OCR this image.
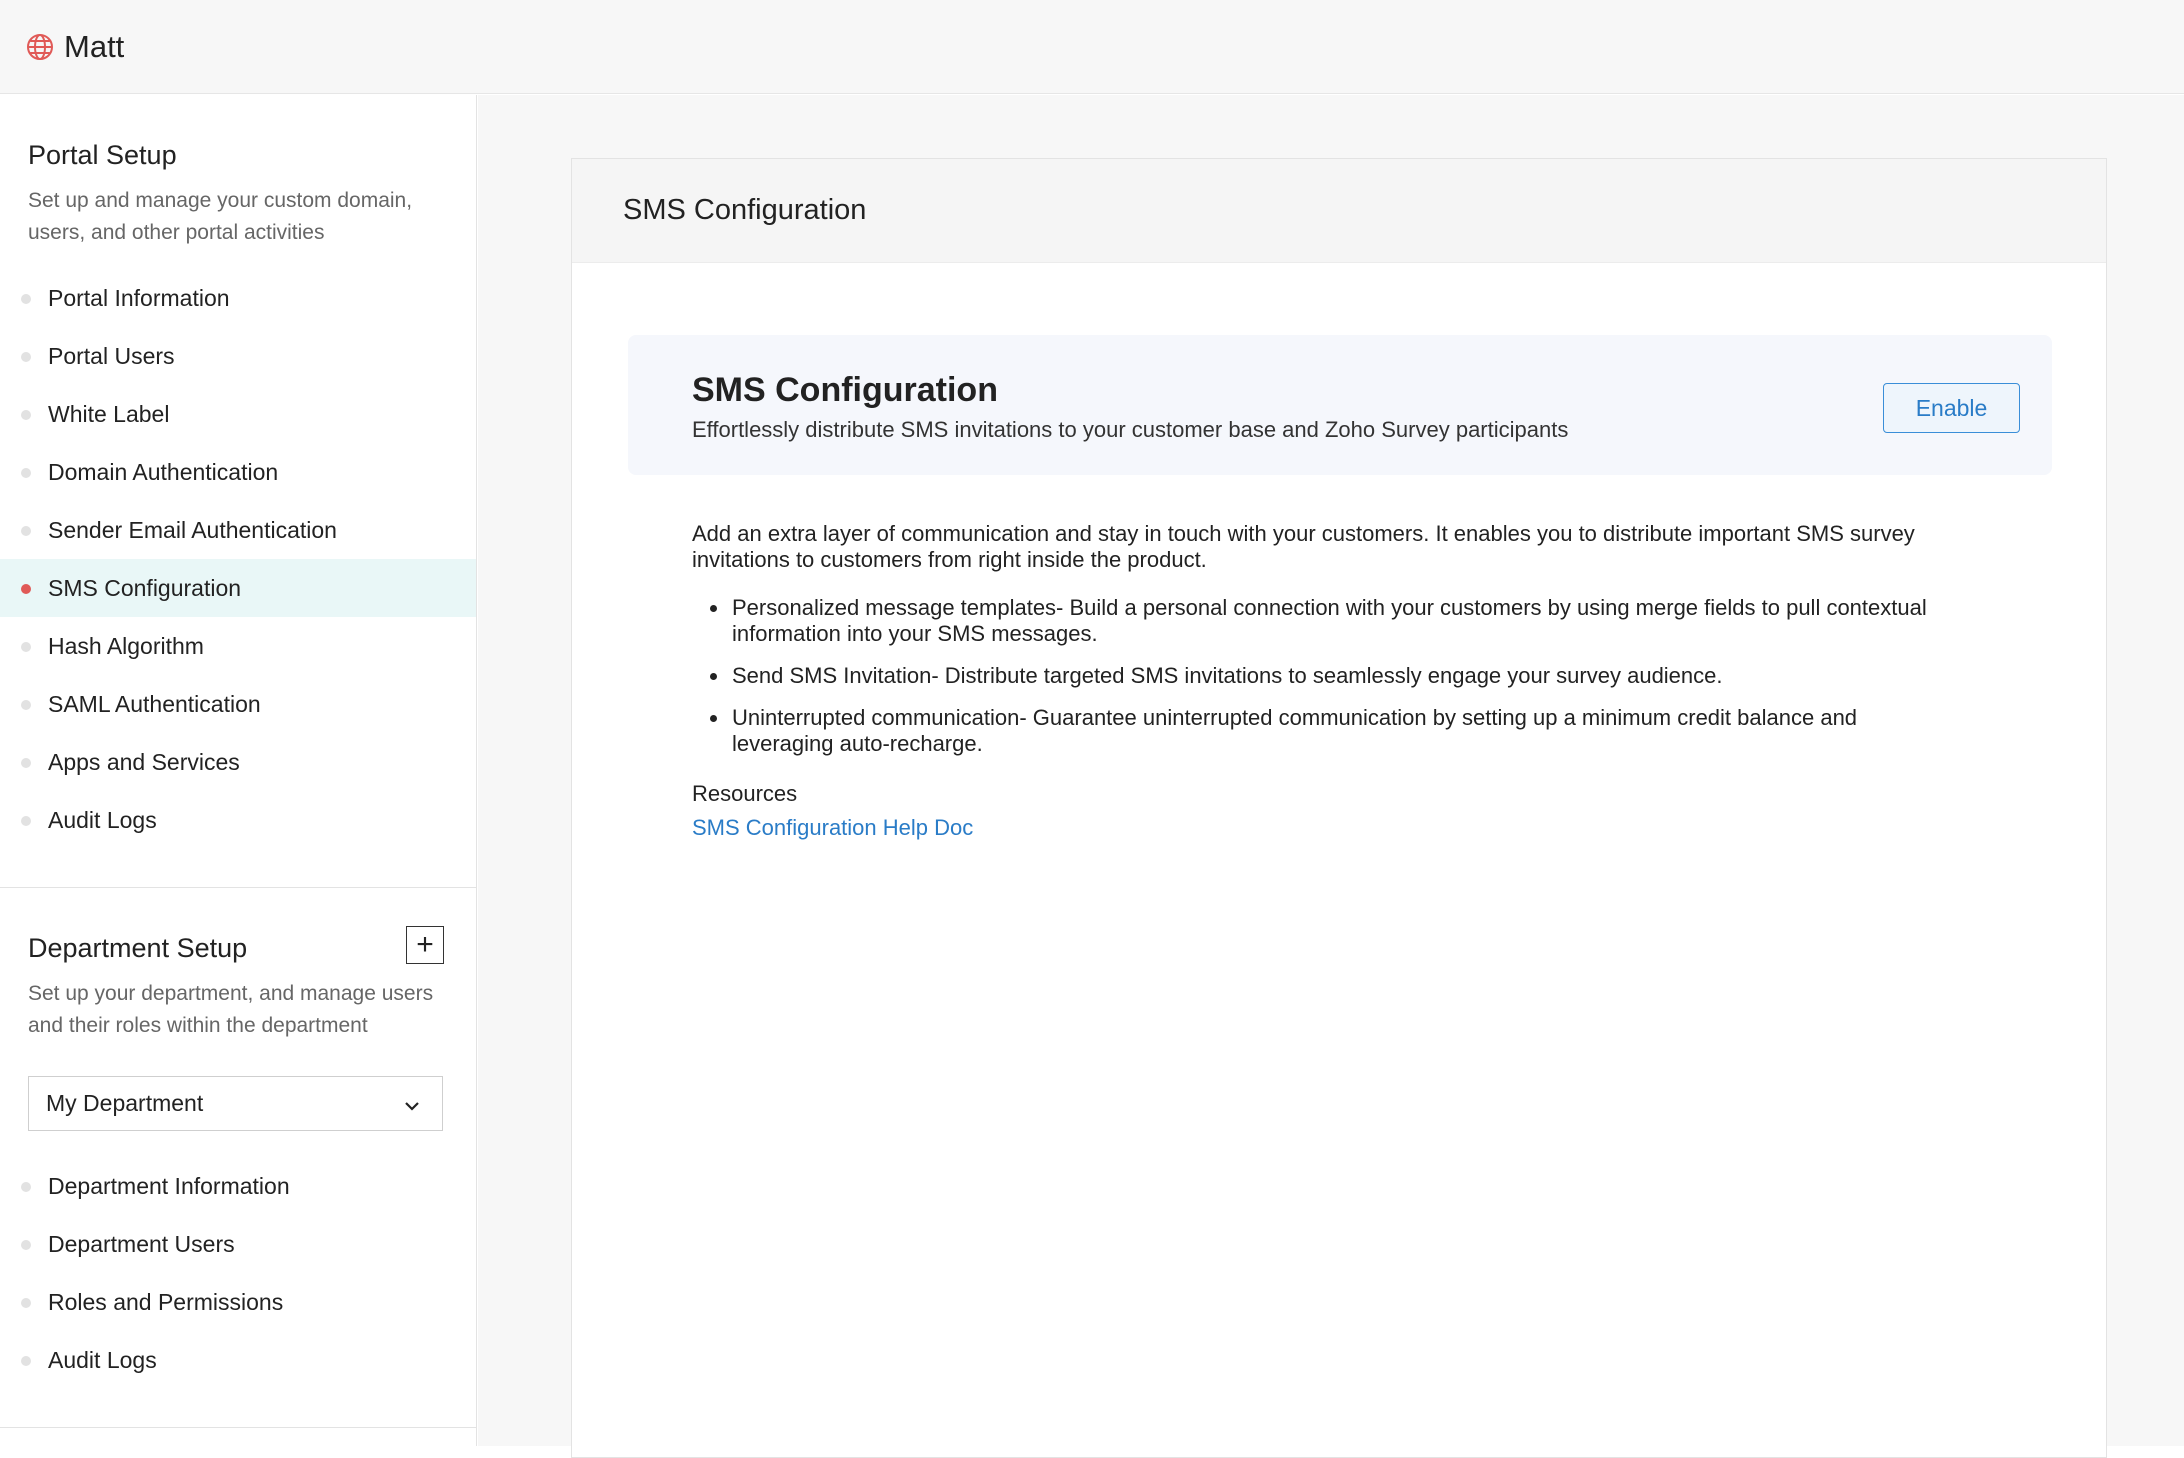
Matt
Portal Setup
Set up and manage your custom domain, users, and other portal activities
Portal Information
Portal Users
White Label
Domain Authentication
Sender Email Authentication
SMS Configuration
Hash Algorithm
SAML Authentication
Apps and Services
Audit Logs
Department Setup	+
Set up your department, and manage users and their roles within the department
My Department
Department Information
Department Users
Roles and Permissions
Audit Logs
SMS Configuration
SMS Configuration
Effortlessly distribute SMS invitations to your customer base and Zoho Survey participants
Enable

Add an extra layer of communication and stay in touch with your customers. It enables you to distribute important SMS survey invitations to customers from right inside the product.

Personalized message templates- Build a personal connection with your customers by using merge fields to pull contextual information into your SMS messages.
Send SMS Invitation- Distribute targeted SMS invitations to seamlessly engage your survey audience.
Uninterrupted communication- Guarantee uninterrupted communication by setting up a minimum credit balance and leveraging auto-recharge.
Resources
SMS Configuration Help Doc
